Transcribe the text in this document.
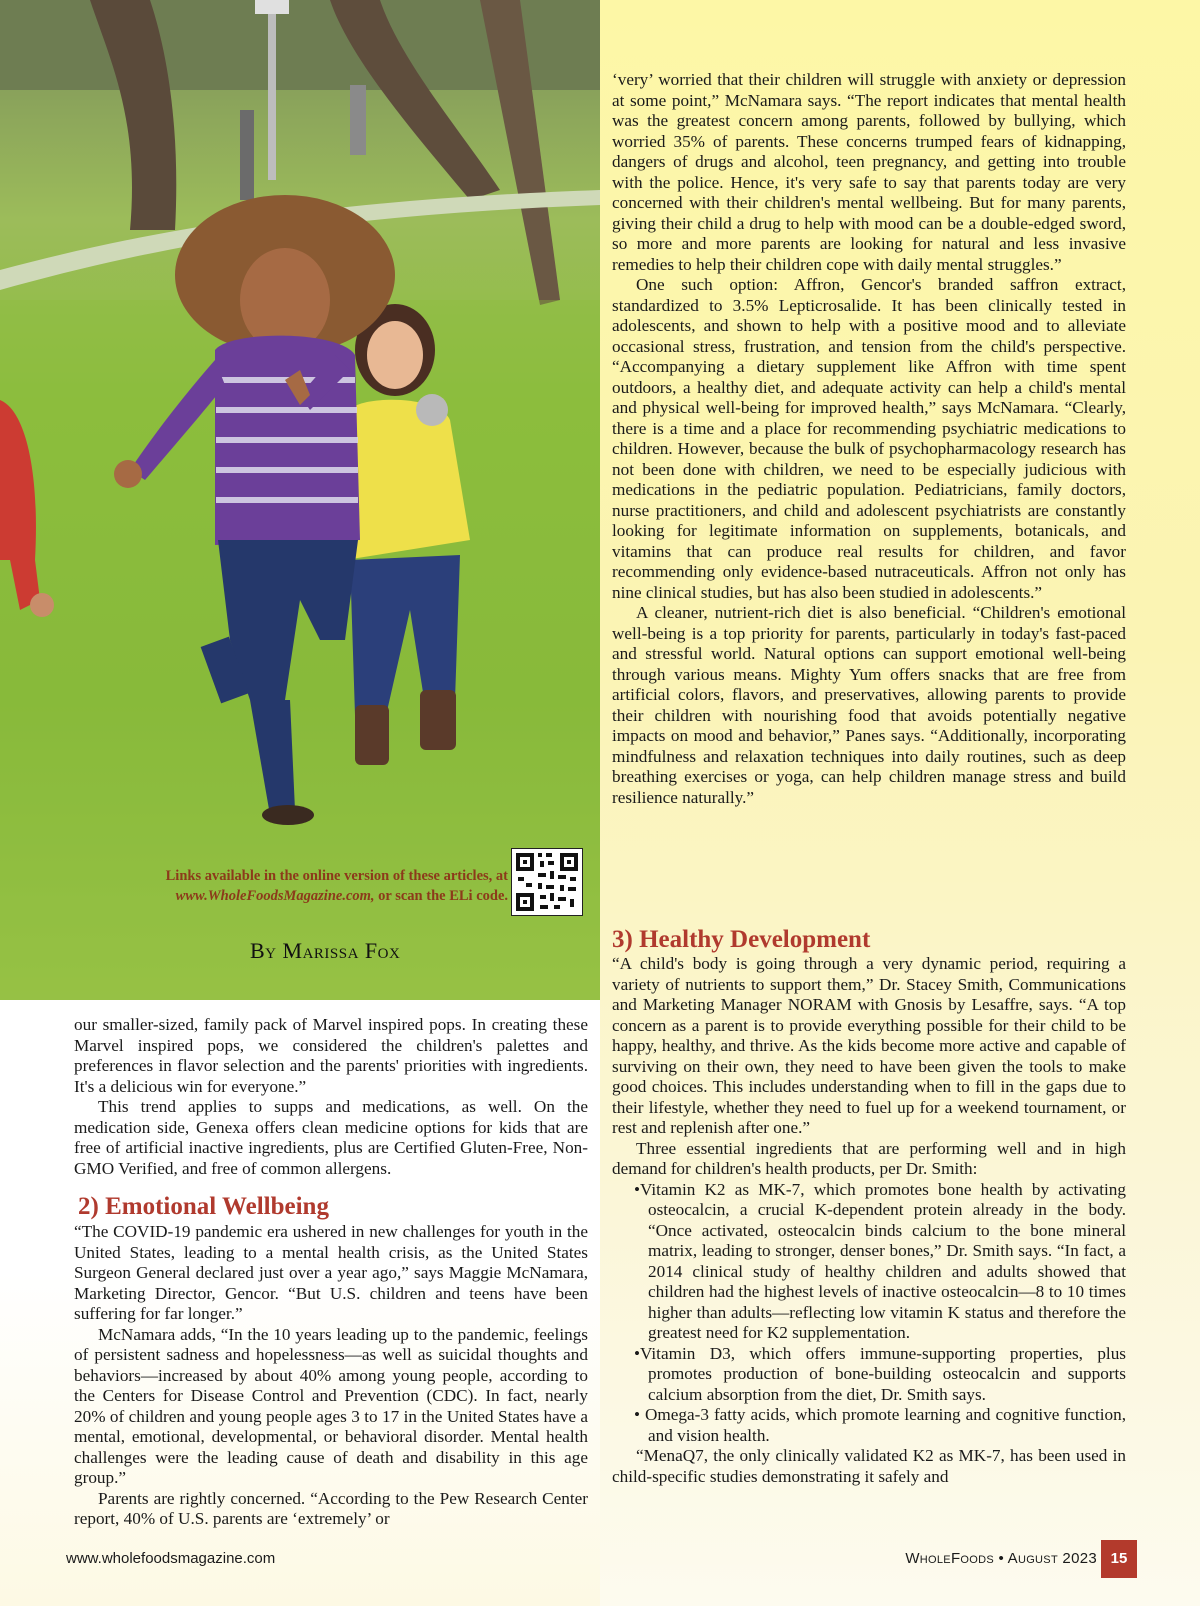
Links available in the online version of these articles, at
www.WholeFoodsMagazine.com, or scan the ELi code.
By Marissa Fox

our smaller-sized, family pack of Marvel inspired pops. In creating these Marvel inspired pops, we considered the children's palettes and preferences in flavor selection and the parents' priorities with ingredients. It's a delicious win for everyone.”

This trend applies to supps and medications, as well. On the medication side, Genexa offers clean medicine options for kids that are free of artificial inactive ingredients, plus are Certified Gluten-Free, Non-GMO Verified, and free of common allergens.

2) Emotional Wellbeing

“The COVID-19 pandemic era ushered in new challenges for youth in the United States, leading to a mental health crisis, as the United States Surgeon General declared just over a year ago,” says Maggie McNamara, Marketing Director, Gencor. “But U.S. children and teens have been suffering for far longer.”

McNamara adds, “In the 10 years leading up to the pandemic, feelings of persistent sadness and hopelessness—as well as suicidal thoughts and behaviors—increased by about 40% among young people, according to the Centers for Disease Control and Prevention (CDC). In fact, nearly 20% of children and young people ages 3 to 17 in the United States have a mental, emotional, developmental, or behavioral disorder. Mental health challenges were the leading cause of death and disability in this age group.”

Parents are rightly concerned. “According to the Pew Research Center report, 40% of U.S. parents are ‘extremely’ or

‘very’ worried that their children will struggle with anxiety or depression at some point,” McNamara says. “The report indicates that mental health was the greatest concern among parents, followed by bullying, which worried 35% of parents. These concerns trumped fears of kidnapping, dangers of drugs and alcohol, teen pregnancy, and getting into trouble with the police. Hence, it's very safe to say that parents today are very concerned with their children's mental wellbeing. But for many parents, giving their child a drug to help with mood can be a double-edged sword, so more and more parents are looking for natural and less invasive remedies to help their children cope with daily mental struggles.”

One such option: Affron, Gencor's branded saffron extract, standardized to 3.5% Lepticrosalide. It has been clinically tested in adolescents, and shown to help with a positive mood and to alleviate occasional stress, frustration, and tension from the child's perspective. “Accompanying a dietary supplement like Affron with time spent outdoors, a healthy diet, and adequate activity can help a child's mental and physical well-being for improved health,” says McNamara. “Clearly, there is a time and a place for recommending psychiatric medications to children. However, because the bulk of psychopharmacology research has not been done with children, we need to be especially judicious with medications in the pediatric population. Pediatricians, family doctors, nurse practitioners, and child and adolescent psychiatrists are constantly looking for legitimate information on supplements, botanicals, and vitamins that can produce real results for children, and favor recommending only evidence-based nutraceuticals. Affron not only has nine clinical studies, but has also been studied in adolescents.”

A cleaner, nutrient-rich diet is also beneficial. “Children's emotional well-being is a top priority for parents, particularly in today's fast-paced and stressful world. Natural options can support emotional well-being through various means. Mighty Yum offers snacks that are free from artificial colors, flavors, and preservatives, allowing parents to provide their children with nourishing food that avoids potentially negative impacts on mood and behavior,” Panes says. “Additionally, incorporating mindfulness and relaxation techniques into daily routines, such as deep breathing exercises or yoga, can help children manage stress and build resilience naturally.”

3) Healthy Development

“A child's body is going through a very dynamic period, requiring a variety of nutrients to support them,” Dr. Stacey Smith, Communications and Marketing Manager NORAM with Gnosis by Lesaffre, says. “A top concern as a parent is to provide everything possible for their child to be happy, healthy, and thrive. As the kids become more active and capable of surviving on their own, they need to have been given the tools to make good choices. This includes understanding when to fill in the gaps due to their lifestyle, whether they need to fuel up for a weekend tournament, or rest and replenish after one.”

Three essential ingredients that are performing well and in high demand for children's health products, per Dr. Smith:

•Vitamin K2 as MK-7, which promotes bone health by activating osteocalcin, a crucial K-dependent protein already in the body. “Once activated, osteocalcin binds calcium to the bone mineral matrix, leading to stronger, denser bones,” Dr. Smith says. “In fact, a 2014 clinical study of healthy children and adults showed that children had the highest levels of inactive osteocalcin—8 to 10 times higher than adults—reflecting low vitamin K status and therefore the greatest need for K2 supplementation.

•Vitamin D3, which offers immune-supporting properties, plus promotes production of bone-building osteocalcin and supports calcium absorption from the diet, Dr. Smith says.

• Omega-3 fatty acids, which promote learning and cognitive function, and vision health.

“MenaQ7, the only clinically validated K2 as MK-7, has been used in child-specific studies demonstrating it safely and

www.wholefoodsmagazine.com	WholeFoods • August 2023 15
